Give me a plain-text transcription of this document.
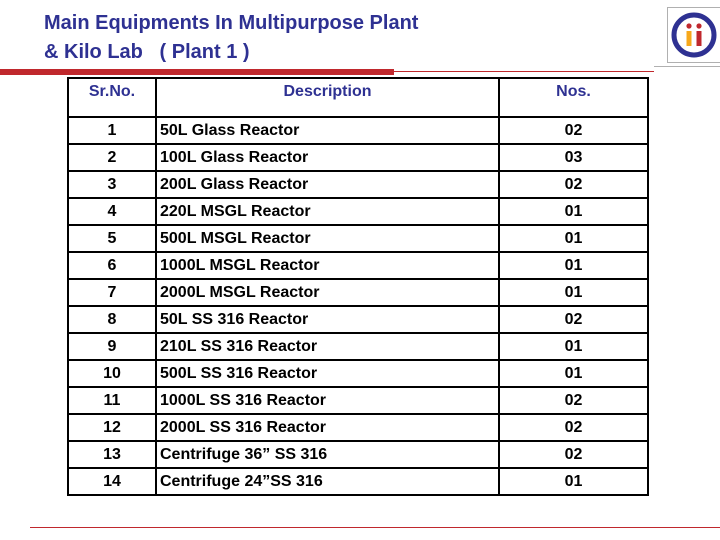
Main Equipments In Multipurpose Plant
& Kilo Lab   ( Plant 1 )
Sr.No.	Description	Nos.
1	50L Glass Reactor	02
2	100L Glass Reactor	03
3	200L Glass Reactor	02
4	220L MSGL Reactor	01
5	500L MSGL Reactor	01
6	1000L MSGL Reactor	01
7	2000L MSGL Reactor	01
8	50L SS 316 Reactor	02
9	210L SS 316 Reactor	01
10	500L SS 316 Reactor	01
11	1000L SS 316 Reactor	02
12	2000L SS 316 Reactor	02
13	Centrifuge 36” SS 316	02
14	Centrifuge 24”SS 316	01
